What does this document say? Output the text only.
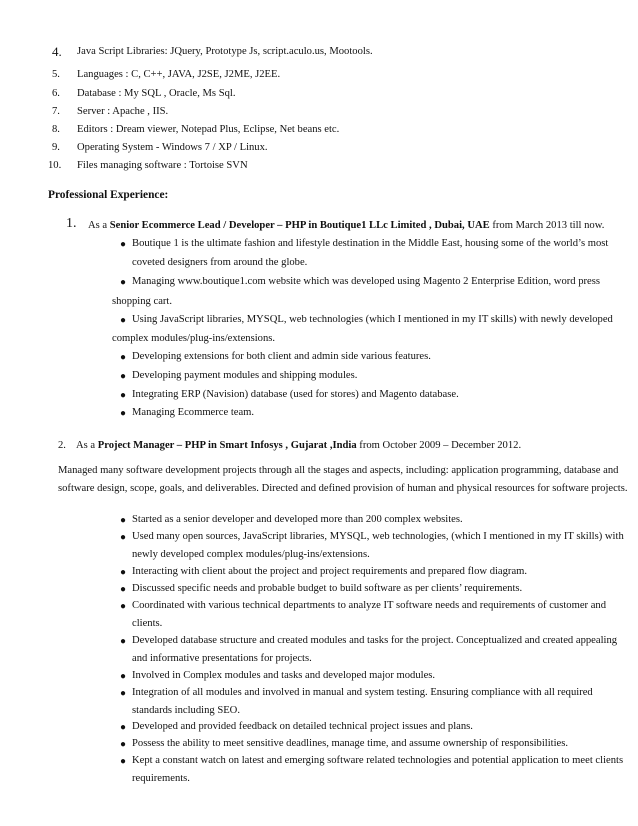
4. Java Script Libraries: JQuery, Prototype Js, script.aculo.us, Mootools.
5. Languages : C, C++, JAVA, J2SE, J2ME, J2EE.
6. Database : My SQL , Oracle, Ms Sql.
7. Server : Apache , IIS.
8. Editors : Dream viewer, Notepad Plus, Eclipse, Net beans etc.
9. Operating System - Windows 7 / XP / Linux.
10. Files managing software : Tortoise SVN
Professional Experience:
1. As a Senior Ecommerce Lead / Developer – PHP in Boutique1 LLc Limited , Dubai, UAE from March 2013 till now.
● Boutique 1 is the ultimate fashion and lifestyle destination in the Middle East, housing some of the world’s most
coveted designers from around the globe.
● Managing www.boutique1.com website which was developed using Magento 2 Enterprise Edition, word press
shopping cart.
● Using JavaScript libraries, MYSQL, web technologies (which I mentioned in my IT skills) with newly developed
complex modules/plug-ins/extensions.
● Developing extensions for both client and admin side various features.
● Developing payment modules and shipping modules.
● Integrating ERP (Navision) database (used for stores) and Magento database.
● Managing Ecommerce team.
2. As a Project Manager – PHP in Smart Infosys , Gujarat ,India from October 2009 – December 2012.
Managed many software development projects through all the stages and aspects, including: application programming, database and
software design, scope, goals, and deliverables. Directed and defined provision of human and physical resources for software projects.
● Started as a senior developer and developed more than 200 complex websites.
● Used many open sources, JavaScript libraries, MYSQL, web technologies, (which I mentioned in my IT skills) with
newly developed complex modules/plug-ins/extensions.
● Interacting with client about the project and project requirements and prepared flow diagram.
● Discussed specific needs and probable budget to build software as per clients’ requirements.
● Coordinated with various technical departments to analyze IT software needs and requirements of customer and
clients.
● Developed database structure and created modules and tasks for the project. Conceptualized and created appealing
and informative presentations for projects.
● Involved in Complex modules and tasks and developed major modules.
● Integration of all modules and involved in manual and system testing. Ensuring compliance with all required
standards including SEO.
● Developed and provided feedback on detailed technical project issues and plans.
● Possess the ability to meet sensitive deadlines, manage time, and assume ownership of responsibilities.
● Kept a constant watch on latest and emerging software related technologies and potential application to meet clients
requirements.
